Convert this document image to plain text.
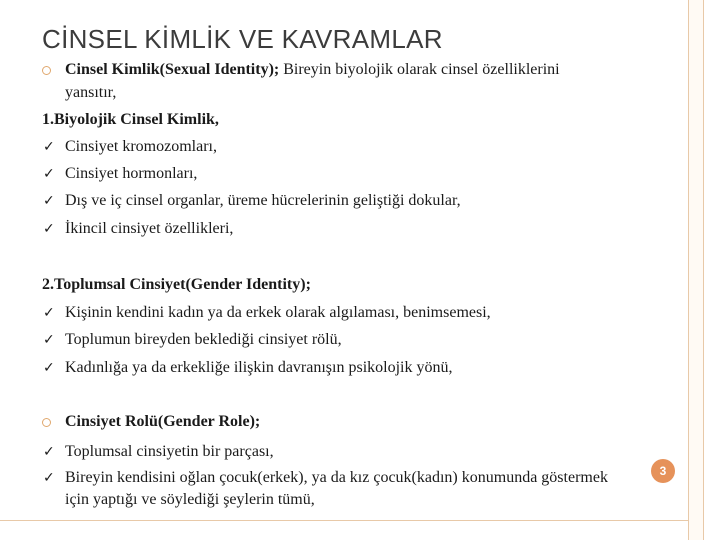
CİNSEL KİMLİK VE KAVRAMLAR
Cinsel Kimlik(Sexual Identity); Bireyin biyolojik olarak cinsel özelliklerini
yansıtır,
1.Biyolojik Cinsel Kimlik,
✓ Cinsiyet kromozomları,
✓ Cinsiyet hormonları,
✓ Dış ve iç cinsel organlar, üreme hücrelerinin geliştiği dokular,
✓ İkincil cinsiyet özellikleri,
2.Toplumsal Cinsiyet(Gender Identity);
✓ Kişinin kendini kadın ya da erkek olarak algılaması, benimsemesi,
✓ Toplumun bireyden beklediği cinsiyet rölü,
✓ Kadınlığa ya da erkekliğe ilişkin davranışın psikolojik yönü,
Cinsiyet Rolü(Gender Role);
✓ Toplumsal cinsiyetin bir parçası,
✓ Bireyin kendisini oğlan çocuk(erkek), ya da kız çocuk(kadın) konumunda göstermek
için yaptığı ve söylediği şeylerin tümü,
3
